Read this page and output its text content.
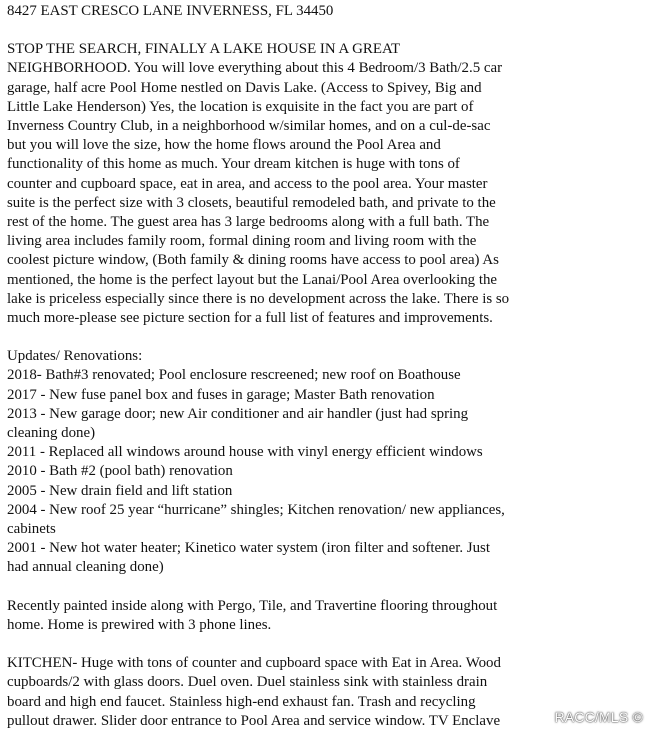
8427 EAST CRESCO LANE INVERNESS, FL 34450
STOP THE SEARCH, FINALLY A LAKE HOUSE IN A GREAT
NEIGHBORHOOD. You will love everything about this 4 Bedroom/3 Bath/2.5 car
garage, half acre Pool Home nestled on Davis Lake. (Access to Spivey, Big and
Little Lake Henderson) Yes, the location is exquisite in the fact you are part of
Inverness Country Club, in a neighborhood w/similar homes, and on a cul-de-sac
but you will love the size, how the home flows around the Pool Area and
functionality of this home as much. Your dream kitchen is huge with tons of
counter and cupboard space, eat in area, and access to the pool area. Your master
suite is the perfect size with 3 closets, beautiful remodeled bath, and private to the
rest of the home. The guest area has 3 large bedrooms along with a full bath. The
living area includes family room, formal dining room and living room with the
coolest picture window, (Both family & dining rooms have access to pool area) As
mentioned, the home is the perfect layout but the Lanai/Pool Area overlooking the
lake is priceless especially since there is no development across the lake. There is so
much more-please see picture section for a full list of features and improvements.
Updates/ Renovations:
2018- Bath#3 renovated; Pool enclosure rescreened; new roof on Boathouse
2017 - New fuse panel box and fuses in garage; Master Bath renovation
2013 - New garage door; new Air conditioner and air handler (just had spring
cleaning done)
2011 - Replaced all windows around house with vinyl energy efficient windows
2010 - Bath #2 (pool bath) renovation
2005 - New drain field and lift station
2004 - New roof 25 year “hurricane” shingles; Kitchen renovation/ new appliances,
cabinets
2001 - New hot water heater; Kinetico water system (iron filter and softener. Just
had annual cleaning done)
Recently painted inside along with Pergo, Tile, and Travertine flooring throughout
home. Home is prewired with 3 phone lines.
KITCHEN- Huge with tons of counter and cupboard space with Eat in Area. Wood
cupboards/2 with glass doors. Duel oven. Duel stainless sink with stainless drain
board and high end faucet. Stainless high-end exhaust fan. Trash and recycling
pullout drawer. Slider door entrance to Pool Area and service window. TV Enclave	RACC/MLS ©
